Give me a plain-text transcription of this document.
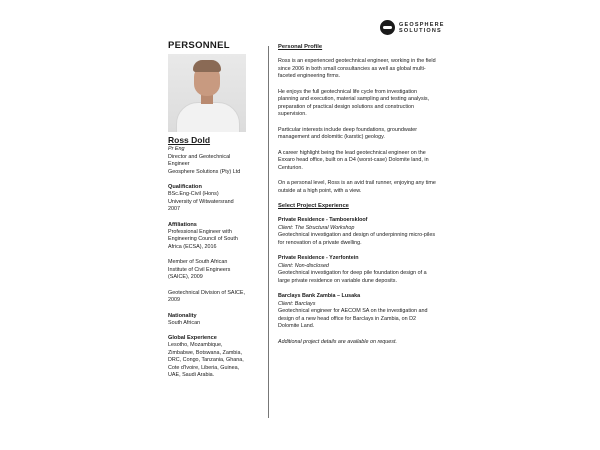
GEOSPHERE
SOLUTIONS
PERSONNEL
Ross Dold

Pr Eng

Director and Geotechnical

Engineer

Geosphere Solutions (Pty) Ltd

Qualification

BSc.Eng-Civil (Hons)

University of Witwatersrand

2007

Affiliations

Professional Engineer with

Engineering Council of South

Africa (ECSA), 2016

Member of South African

Institute of Civil Engineers

(SAICE), 2009

Geotechnical Division of SAICE,

2009

Nationality

South African

Global Experience

Lesotho, Mozambique,

Zimbabwe, Botswana, Zambia,

DRC, Congo, Tanzania, Ghana,

Cote d'Ivoire, Liberia, Guinea,

UAE, Saudi Arabia.

Personal Profile

Ross is an experienced geotechnical engineer, working in the field since 2006 in both small consultancies as well as global multi-faceted engineering firms.

He enjoys the full geotechnical life cycle from investigation planning and execution, material sampling and testing analysis, preparation of practical design solutions and construction supervision.

Particular interests include deep foundations, groundwater management and dolomitic (karstic) geology.

A career highlight being the lead geotechnical engineer on the Exxaro head office, built on a D4 (worst-case) Dolomite land, in Centurion.

On a personal level, Ross is an avid trail runner, enjoying any time outside at a high point, with a view.

Select Project Experience
Private Residence - Tamboerskloof
Client: The Structural Workshop
Geotechnical investigation and design of underpinning micro-piles for renovation of a private dwelling.
Private Residence - Yzerfontein
Client: Non-disclosed
Geotechnical investigation for deep pile foundation design of a large private residence on variable dune deposits.
Barclays Bank Zambia – Lusaka
Client: Barclays
Geotechnical engineer for AECOM SA on the investigation and design of a new head office for Barclays in Zambia, on D2 Dolomite Land.
Additional project details are available on request.
